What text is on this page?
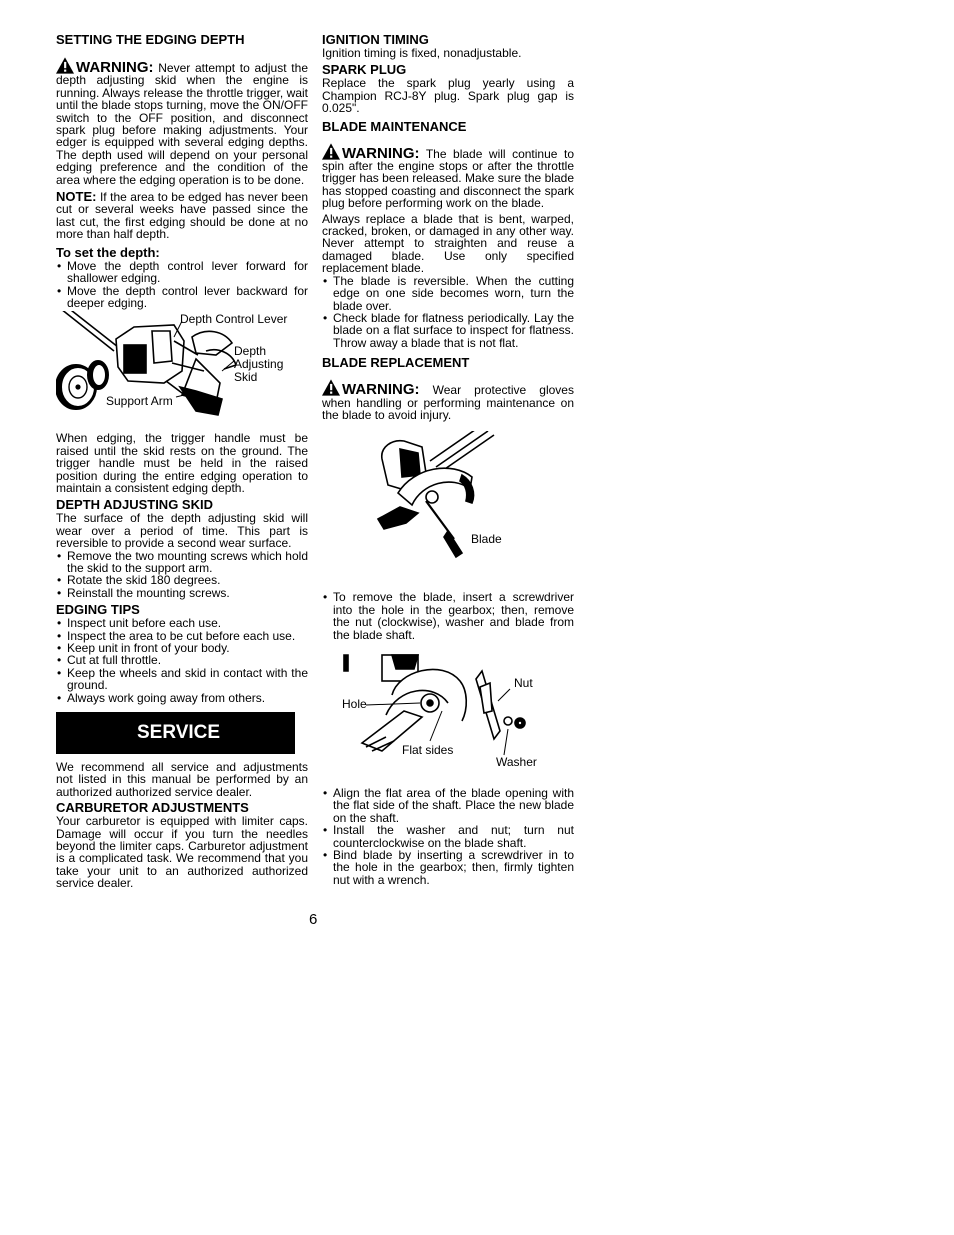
SETTING THE EDGING DEPTH

WARNING: Never attempt to adjust the depth adjusting skid when the engine is running. Always release the throttle trigger, wait until the blade stops turning, move the ON/OFF switch to the OFF position, and disconnect spark plug before making adjustments. Your edger is equipped with several edging depths. The depth used will depend on your personal edging preference and the condition of the area where the edging operation is to be done.

NOTE: If the area to be edged has never been cut or several weeks have passed since the last cut, the first edging should be done at no more than half depth.

To set the depth:

• Move the depth control lever forward for shallower edging.
• Move the depth control lever backward for deeper edging.
Depth Control Lever
Depth Adjusting Skid
Support Arm

When edging, the trigger handle must be raised until the skid rests on the ground. The trigger handle must be held in the raised position during the entire edging operation to maintain a consistent edging depth.

DEPTH ADJUSTING SKID

The surface of the depth adjusting skid will wear over a period of time. This part is reversible to provide a second wear surface.

• Remove the two mounting screws which hold the skid to the support arm.
• Rotate the skid 180 degrees.
• Reinstall the mounting screws.

EDGING TIPS

• Inspect unit before each use.
• Inspect the area to be cut before each use.
• Keep unit in front of your body.
• Cut at full throttle.
• Keep the wheels and skid in contact with the ground.
• Always work going away from others.
SERVICE

We recommend all service and adjustments not listed in this manual be performed by an authorized authorized service dealer.

CARBURETOR ADJUSTMENTS

Your carburetor is equipped with limiter caps. Damage will occur if you turn the needles beyond the limiter caps. Carburetor adjustment is a complicated task. We recommend that you take your unit to an authorized authorized service dealer.

IGNITION TIMING

Ignition timing is fixed, nonadjustable.

SPARK PLUG

Replace the spark plug yearly using a Champion RCJ-8Y plug. Spark plug gap is 0.025".

BLADE MAINTENANCE

WARNING: The blade will continue to spin after the engine stops or after the throttle trigger has been released. Make sure the blade has stopped coasting and disconnect the spark plug before performing work on the blade.

Always replace a blade that is bent, warped, cracked, broken, or damaged in any other way. Never attempt to straighten and reuse a damaged blade. Use only specified replacement blade.

• The blade is reversible. When the cutting edge on one side becomes worn, turn the blade over.
• Check blade for flatness periodically. Lay the blade on a flat surface to inspect for flatness. Throw away a blade that is not flat.

BLADE REPLACEMENT

WARNING: Wear protective gloves when handling or performing maintenance on the blade to avoid injury.

Blade
• To remove the blade, insert a screwdriver into the hole in the gearbox; then, remove the nut (clockwise), washer and blade from the blade shaft.
Nut
Hole
Flat sides
Washer
• Align the flat area of the blade opening with the flat side of the shaft. Place the new blade on the shaft.
• Install the washer and nut; turn nut counterclockwise on the blade shaft.
• Bind blade by inserting a screwdriver in to the hole in the gearbox; then, firmly tighten nut with a wrench.
6
